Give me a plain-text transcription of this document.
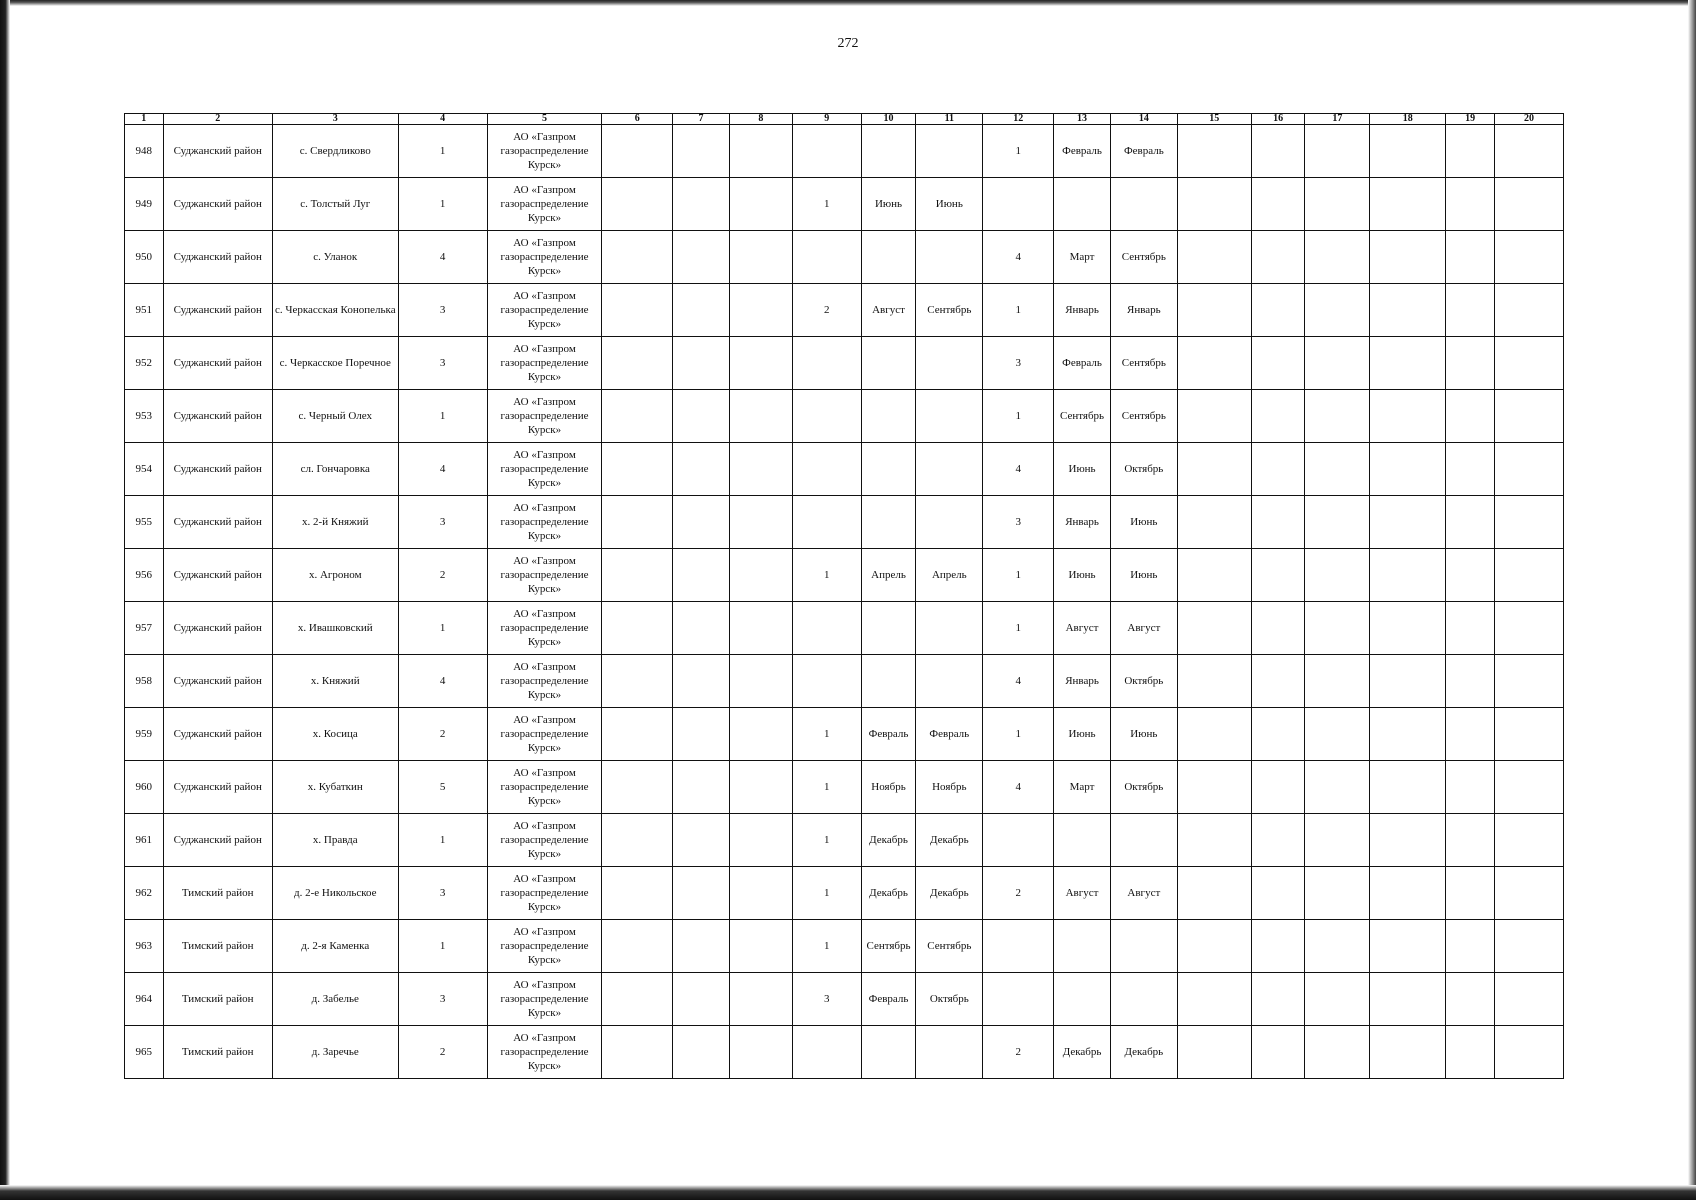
272
1	2	3	4	5	6	7	8	9	10	11	12	13	14	15	16	17	18	19	20
948	Суджанский район	с. Свердликово	1	АО «Газпром газораспределение Курск»							1	Февраль	Февраль						
949	Суджанский район	с. Толстый Луг	1	АО «Газпром газораспределение Курск»				1	Июнь	Июнь									
950	Суджанский район	с. Уланок	4	АО «Газпром газораспределение Курск»							4	Март	Сентябрь						
951	Суджанский район	с. Черкасская Конопелька	3	АО «Газпром газораспределение Курск»				2	Август	Сентябрь	1	Январь	Январь						
952	Суджанский район	с. Черкасское Поречное	3	АО «Газпром газораспределение Курск»							3	Февраль	Сентябрь						
953	Суджанский район	с. Черный Олех	1	АО «Газпром газораспределение Курск»							1	Сентябрь	Сентябрь						
954	Суджанский район	сл. Гончаровка	4	АО «Газпром газораспределение Курск»							4	Июнь	Октябрь						
955	Суджанский район	х. 2-й Княжий	3	АО «Газпром газораспределение Курск»							3	Январь	Июнь						
956	Суджанский район	х. Агроном	2	АО «Газпром газораспределение Курск»				1	Апрель	Апрель	1	Июнь	Июнь						
957	Суджанский район	х. Ивашковский	1	АО «Газпром газораспределение Курск»							1	Август	Август						
958	Суджанский район	х. Княжий	4	АО «Газпром газораспределение Курск»							4	Январь	Октябрь						
959	Суджанский район	х. Косица	2	АО «Газпром газораспределение Курск»				1	Февраль	Февраль	1	Июнь	Июнь						
960	Суджанский район	х. Кубаткин	5	АО «Газпром газораспределение Курск»				1	Ноябрь	Ноябрь	4	Март	Октябрь						
961	Суджанский район	х. Правда	1	АО «Газпром газораспределение Курск»				1	Декабрь	Декабрь									
962	Тимский район	д. 2-е Никольское	3	АО «Газпром газораспределение Курск»				1	Декабрь	Декабрь	2	Август	Август						
963	Тимский район	д. 2-я Каменка	1	АО «Газпром газораспределение Курск»				1	Сентябрь	Сентябрь									
964	Тимский район	д. Забелье	3	АО «Газпром газораспределение Курск»				3	Февраль	Октябрь									
965	Тимский район	д. Заречье	2	АО «Газпром газораспределение Курск»							2	Декабрь	Декабрь						
